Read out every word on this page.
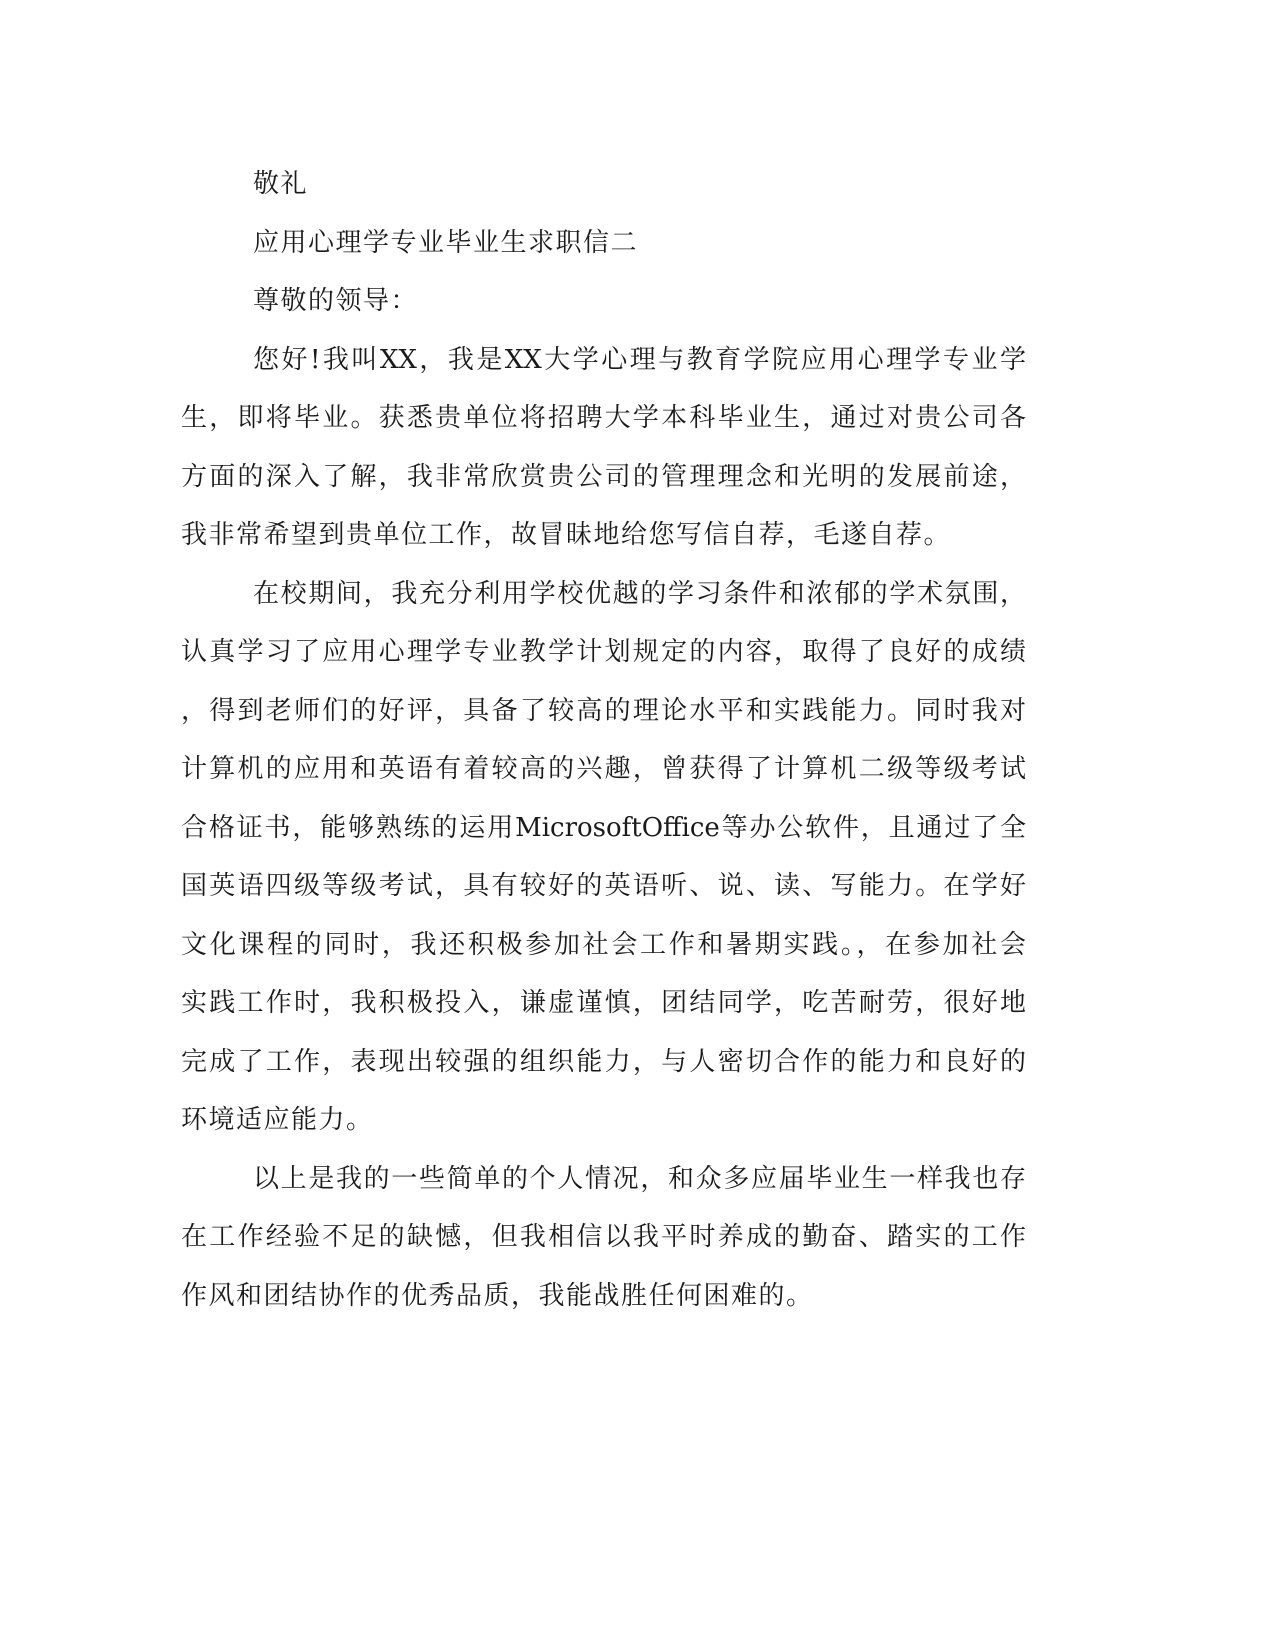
敬礼
应用心理学专业毕业生求职信二
尊敬的领导：
您好!我叫XX，我是XX大学心理与教育学院应用心理学专业学
生，即将毕业。获悉贵单位将招聘大学本科毕业生，通过对贵公司各
方面的深入了解，我非常欣赏贵公司的管理理念和光明的发展前途，
我非常希望到贵单位工作，故冒昧地给您写信自荐，毛遂自荐。
在校期间，我充分利用学校优越的学习条件和浓郁的学术氛围，
认真学习了应用心理学专业教学计划规定的内容，取得了良好的成绩
，得到老师们的好评，具备了较高的理论水平和实践能力。同时我对
计算机的应用和英语有着较高的兴趣，曾获得了计算机二级等级考试
合格证书，能够熟练的运用MicrosoftOffice等办公软件，且通过了全
国英语四级等级考试，具有较好的英语听、说、读、写能力。在学好
文化课程的同时，我还积极参加社会工作和暑期实践。，在参加社会
实践工作时，我积极投入，谦虚谨慎，团结同学，吃苦耐劳，很好地
完成了工作，表现出较强的组织能力，与人密切合作的能力和良好的
环境适应能力。
以上是我的一些简单的个人情况，和众多应届毕业生一样我也存
在工作经验不足的缺憾，但我相信以我平时养成的勤奋、踏实的工作
作风和团结协作的优秀品质，我能战胜任何困难的。
